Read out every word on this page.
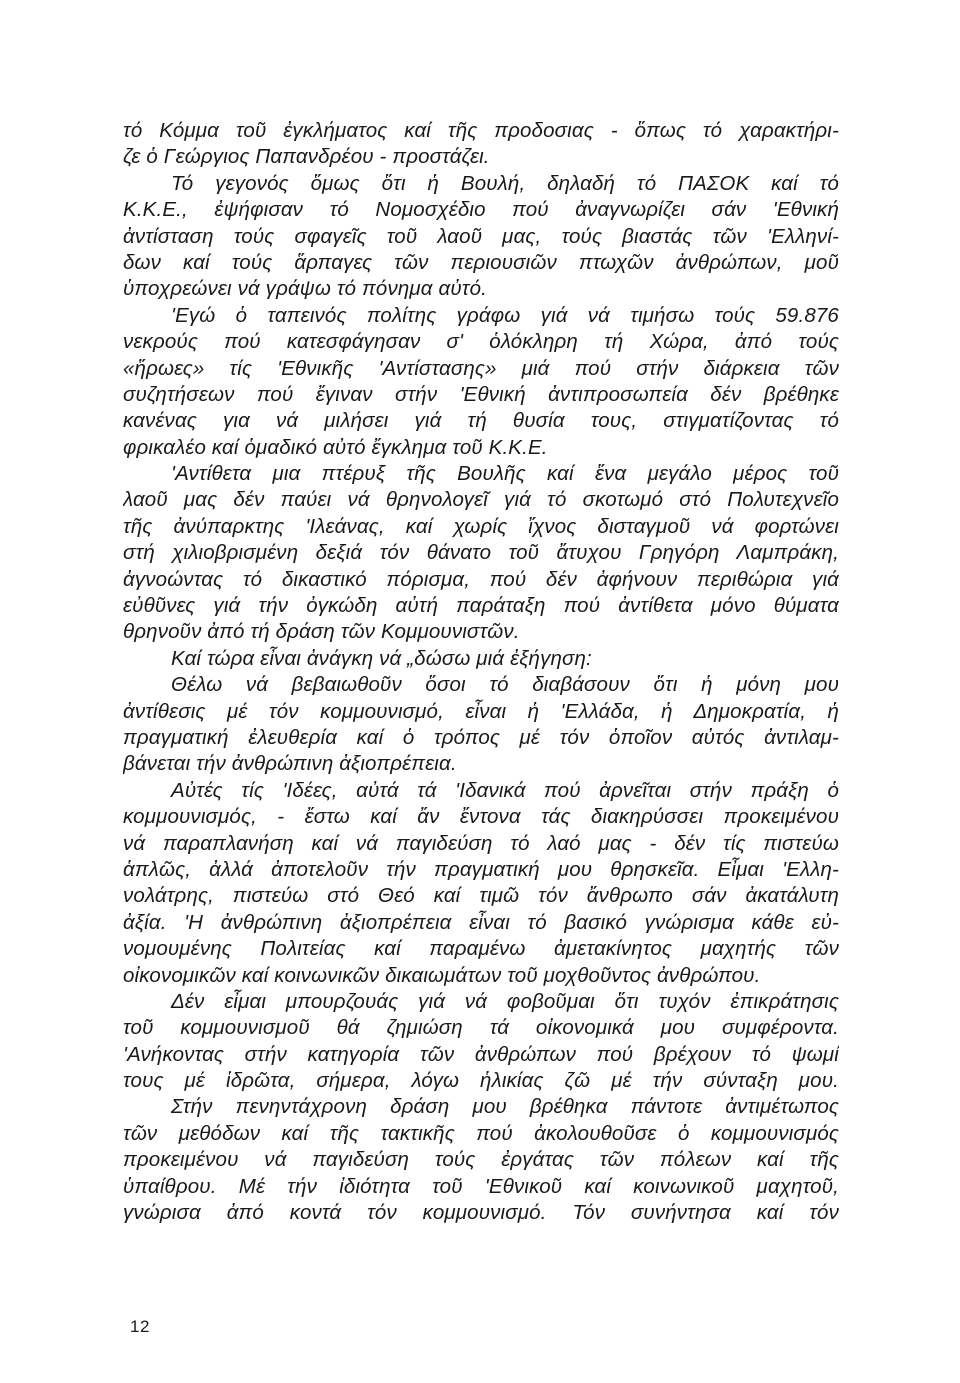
τό Κόμμα τοῦ ἐγκλήματος καί τῆς προδοσιας - ὅπως τό χαρακτήρι-
ζε ὁ Γεώργιος Παπανδρέου - προστάζει.
Τό γεγονός ὅμως ὅτι ἡ Βουλή, δηλαδή τό ΠΑΣΟΚ καί τό
Κ.Κ.Ε., ἐψήφισαν τό Νομοσχέδιο πού ἀναγνωρίζει σάν 'Εθνική
ἀντίσταση τούς σφαγεῖς τοῦ λαοῦ μας, τούς βιαστάς τῶν 'Ελληνί-
δων καί τούς ἅρπαγες τῶν περιουσιῶν πτωχῶν ἀνθρώπων, μοῦ
ὑποχρεώνει νά γράψω τό πόνημα αὐτό.
'Εγώ ὁ ταπεινός πολίτης γράφω γιά νά τιμήσω τούς 59.876
νεκρούς πού κατεσφάγησαν σ' ὁλόκληρη τή Χώρα, ἀπό τούς
«ἥρωες» τίς 'Εθνικῆς 'Αντίστασης» μιά πού στήν διάρκεια τῶν
συζητήσεων πού ἔγιναν στήν 'Εθνική ἀντιπροσωπεία δέν βρέθηκε
κανένας για νά μιλήσει γιά τή θυσία τους, στιγματίζοντας τό
φρικαλέο καί ὁμαδικό αὐτό ἔγκλημα τοῦ Κ.Κ.Ε.
'Αντίθετα μια πτέρυξ τῆς Βουλῆς καί ἕνα μεγάλο μέρος τοῦ
λαοῦ μας δέν παύει νά θρηνολογεῖ γιά τό σκοτωμό στό Πολυτεχνεῖο
τῆς ἀνύπαρκτης 'Ιλεάνας, καί χωρίς ἴχνος δισταγμοῦ νά φορτώνει
στή χιλιοβρισμένη δεξιά τόν θάνατο τοῦ ἄτυχου Γρηγόρη Λαμπράκη,
ἀγνοώντας τό δικαστικό πόρισμα, πού δέν ἀφήνουν περιθώρια γιά
εὐθῦνες γιά τήν ὀγκώδη αὐτή παράταξη πού ἀντίθετα μόνο θύματα
θρηνοῦν ἀπό τή δράση τῶν Κομμουνιστῶν.
Καί τώρα εἶναι ἀνάγκη νά „δώσω μιά ἐξήγηση:
Θέλω νά βεβαιωθοῦν ὅσοι τό διαβάσουν ὅτι ἡ μόνη μου
ἀντίθεσις μέ τόν κομμουνισμό, εἶναι ἡ 'Ελλάδα, ἡ Δημοκρατία, ἡ
πραγματική ἐλευθερία καί ὁ τρόπος μέ τόν ὁποῖον αὐτός ἀντιλαμ-
βάνεται τήν ἀνθρώπινη ἀξιοπρέπεια.
Αὐτές τίς 'Ιδέες, αὐτά τά 'Ιδανικά πού ἀρνεῖται στήν πράξη ὁ
κομμουνισμός, - ἔστω καί ἄν ἔντονα τάς διακηρύσσει προκειμένου
νά παραπλανήση καί νά παγιδεύση τό λαό μας - δέν τίς πιστεύω
ἁπλῶς, ἀλλά ἀποτελοῦν τήν πραγματική μου θρησκεῖα. Εἶμαι 'Ελλη-
νολάτρης, πιστεύω στό Θεό καί τιμῶ τόν ἄνθρωπο σάν ἀκατάλυτη
ἀξία. 'Η ἀνθρώπινη ἀξιοπρέπεια εἶναι τό βασικό γνώρισμα κάθε εὐ-
νομουμένης Πολιτείας καί παραμένω ἀμετακίνητος μαχητής τῶν
οἰκονομικῶν καί κοινωνικῶν δικαιωμάτων τοῦ μοχθοῦντος ἀνθρώπου.
Δέν εἶμαι μπουρζουάς γιά νά φοβοῦμαι ὅτι τυχόν ἐπικράτησις
τοῦ κομμουνισμοῦ θά ζημιώση τά οἰκονομικά μου συμφέροντα.
'Ανήκοντας στήν κατηγορία τῶν ἀνθρώπων πού βρέχουν τό ψωμί
τους μέ ἱδρῶτα, σήμερα, λόγω ἡλικίας ζῶ μέ τήν σύνταξη μου.
Στήν πενηντάχρονη δράση μου βρέθηκα πάντοτε ἀντιμέτωπος
τῶν μεθόδων καί τῆς τακτικῆς πού ἀκολουθοῦσε ὁ κομμουνισμός
προκειμένου νά παγιδεύση τούς ἐργάτας τῶν πόλεων καί τῆς
ὑπαίθρου. Μέ τήν ἰδιότητα τοῦ 'Εθνικοῦ καί κοινωνικοῦ μαχητοῦ,
γνώρισα ἀπό κοντά τόν κομμουνισμό. Τόν συνήντησα καί τόν
12
